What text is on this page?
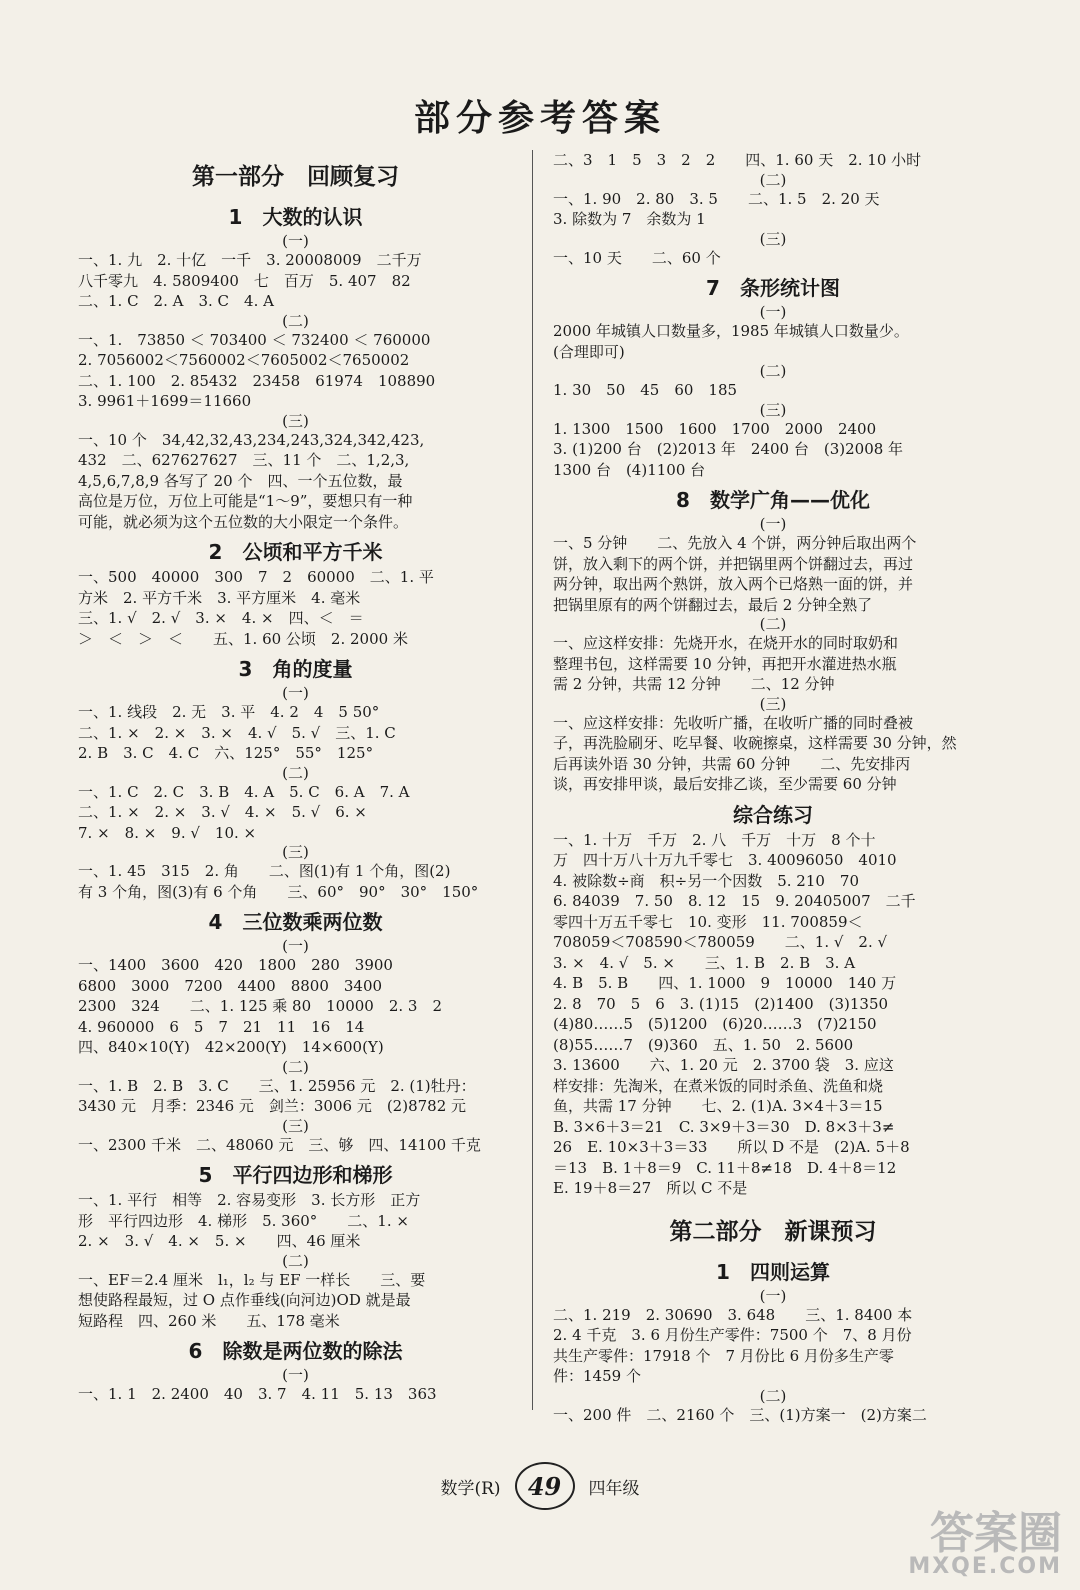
部分参考答案
第一部分　回顾复习
1　大数的认识
(一)
一、1. 九　2. 十亿　一千　3. 20008009　二千万
八千零九　4. 5809400　七　百万　5. 407　82
二、1. C　2. A　3. C　4. A
(二)
一、1.　73850 ＜ 703400 ＜ 732400 ＜ 760000
2. 7056002＜7560002＜7605002＜7650002
二、1. 100　2. 85432　23458　61974　108890
3. 9961＋1699＝11660
(三)
一、10 个　34,42,32,43,234,243,324,342,423,
432　二、627627627　三、11 个　二、1,2,3,
4,5,6,7,8,9 各写了 20 个　四、一个五位数，最
高位是万位，万位上可能是“1～9”，要想只有一种
可能，就必须为这个五位数的大小限定一个条件。
2　公顷和平方千米
一、500　40000　300　7　2　60000　二、1. 平
方米　2. 平方千米　3. 平方厘米　4. 毫米
三、1. √　2. √　3. ×　4. ×　四、＜　＝
＞　＜　＞　＜　　五、1. 60 公顷　2. 2000 米
3　角的度量
(一)
一、1. 线段　2. 无　3. 平　4. 2　4　5 50°
二、1. ×　2. ×　3. ×　4. √　5. √　三、1. C
2. B　3. C　4. C　六、125°　55°　125°
(二)
一、1. C　2. C　3. B　4. A　5. C　6. A　7. A
二、1. ×　2. ×　3. √　4. ×　5. √　6. ×
7. ×　8. ×　9. √　10. ×
(三)
一、1. 45　315　2. 角　　二、图(1)有 1 个角，图(2)
有 3 个角，图(3)有 6 个角　　三、60°　90°　30°　150°
4　三位数乘两位数
(一)
一、1400　3600　420　1800　280　3900
6800　3000　7200　4400　8800　3400
2300　324　　二、1. 125 乘 80　10000　2. 3　2
4. 960000　6　5　7　21　11　16　14
四、840×10(Y)　42×200(Y)　14×600(Y)
(二)
一、1. B　2. B　3. C　　三、1. 25956 元　2. (1)牡丹：
3430 元　月季：2346 元　剑兰：3006 元　(2)8782 元
(三)
一、2300 千米　二、48060 元　三、够　四、14100 千克
5　平行四边形和梯形
一、1. 平行　相等　2. 容易变形　3. 长方形　正方
形　平行四边形　4. 梯形　5. 360°　　二、1. ×
2. ×　3. √　4. ×　5. ×　　四、46 厘米
(二)
一、EF＝2.4 厘米　l₁，l₂ 与 EF 一样长　　三、要
想使路程最短，过 O 点作垂线(向河边)OD 就是最
短路程　四、260 米　　五、178 毫米
6　除数是两位数的除法
(一)
一、1. 1　2. 2400　40　3. 7　4. 11　5. 13　363
二、3　1　5　3　2　2　　四、1. 60 天　2. 10 小时
(二)
一、1. 90　2. 80　3. 5　　二、1. 5　2. 20 天
3. 除数为 7　余数为 1
(三)
一、10 天　　二、60 个
7　条形统计图
(一)
2000 年城镇人口数量多，1985 年城镇人口数量少。
(合理即可)
(二)
1. 30　50　45　60　185
(三)
1. 1300　1500　1600　1700　2000　2400
3. (1)200 台　(2)2013 年　2400 台　(3)2008 年
1300 台　(4)1100 台
8　数学广角——优化
(一)
一、5 分钟　　二、先放入 4 个饼，两分钟后取出两个
饼，放入剩下的两个饼，并把锅里两个饼翻过去，再过
两分钟，取出两个熟饼，放入两个已烙熟一面的饼，并
把锅里原有的两个饼翻过去，最后 2 分钟全熟了
(二)
一、应这样安排：先烧开水，在烧开水的同时取奶和
整理书包，这样需要 10 分钟，再把开水灌进热水瓶
需 2 分钟，共需 12 分钟　　二、12 分钟
(三)
一、应这样安排：先收听广播，在收听广播的同时叠被
子，再洗脸刷牙、吃早餐、收碗擦桌，这样需要 30 分钟，然
后再读外语 30 分钟，共需 60 分钟　　二、先安排丙
谈，再安排甲谈，最后安排乙谈，至少需要 60 分钟
综合练习
一、1. 十万　千万　2. 八　千万　十万　8 个十
万　四十万八十万九千零七　3. 40096050　4010
4. 被除数÷商　积÷另一个因数　5. 210　70
6. 84039　7. 50　8. 12　15　9. 20405007　二千
零四十万五千零七　10. 变形　11. 700859＜
708059＜708590＜780059　　二、1. √　2. √
3. ×　4. √　5. ×　　三、1. B　2. B　3. A
4. B　5. B　　四、1. 1000　9　10000　140 万
2. 8　70　5　6　3. (1)15　(2)1400　(3)1350
(4)80……5　(5)1200　(6)20……3　(7)2150
(8)55……7　(9)360　五、1. 50　2. 5600
3. 13600　　六、1. 20 元　2. 3700 袋　3. 应这
样安排：先淘米，在煮米饭的同时杀鱼、洗鱼和烧
鱼，共需 17 分钟　　七、2. (1)A. 3×4＋3＝15
B. 3×6＋3＝21　C. 3×9＋3＝30　D. 8×3＋3≠
26　E. 10×3＋3＝33　　所以 D 不是　(2)A. 5＋8
＝13　B. 1＋8＝9　C. 11＋8≠18　D. 4＋8＝12
E. 19＋8＝27　所以 C 不是
第二部分　新课预习
1　四则运算
(一)
二、1. 219　2. 30690　3. 648　　三、1. 8400 本
2. 4 千克　3. 6 月份生产零件：7500 个　7、8 月份
共生产零件：17918 个　7 月份比 6 月份多生产零
件：1459 个
(二)
一、200 件　二、2160 个　三、(1)方案一　(2)方案二
数学(R)	49	四年级
答案圈
MXQE.COM
